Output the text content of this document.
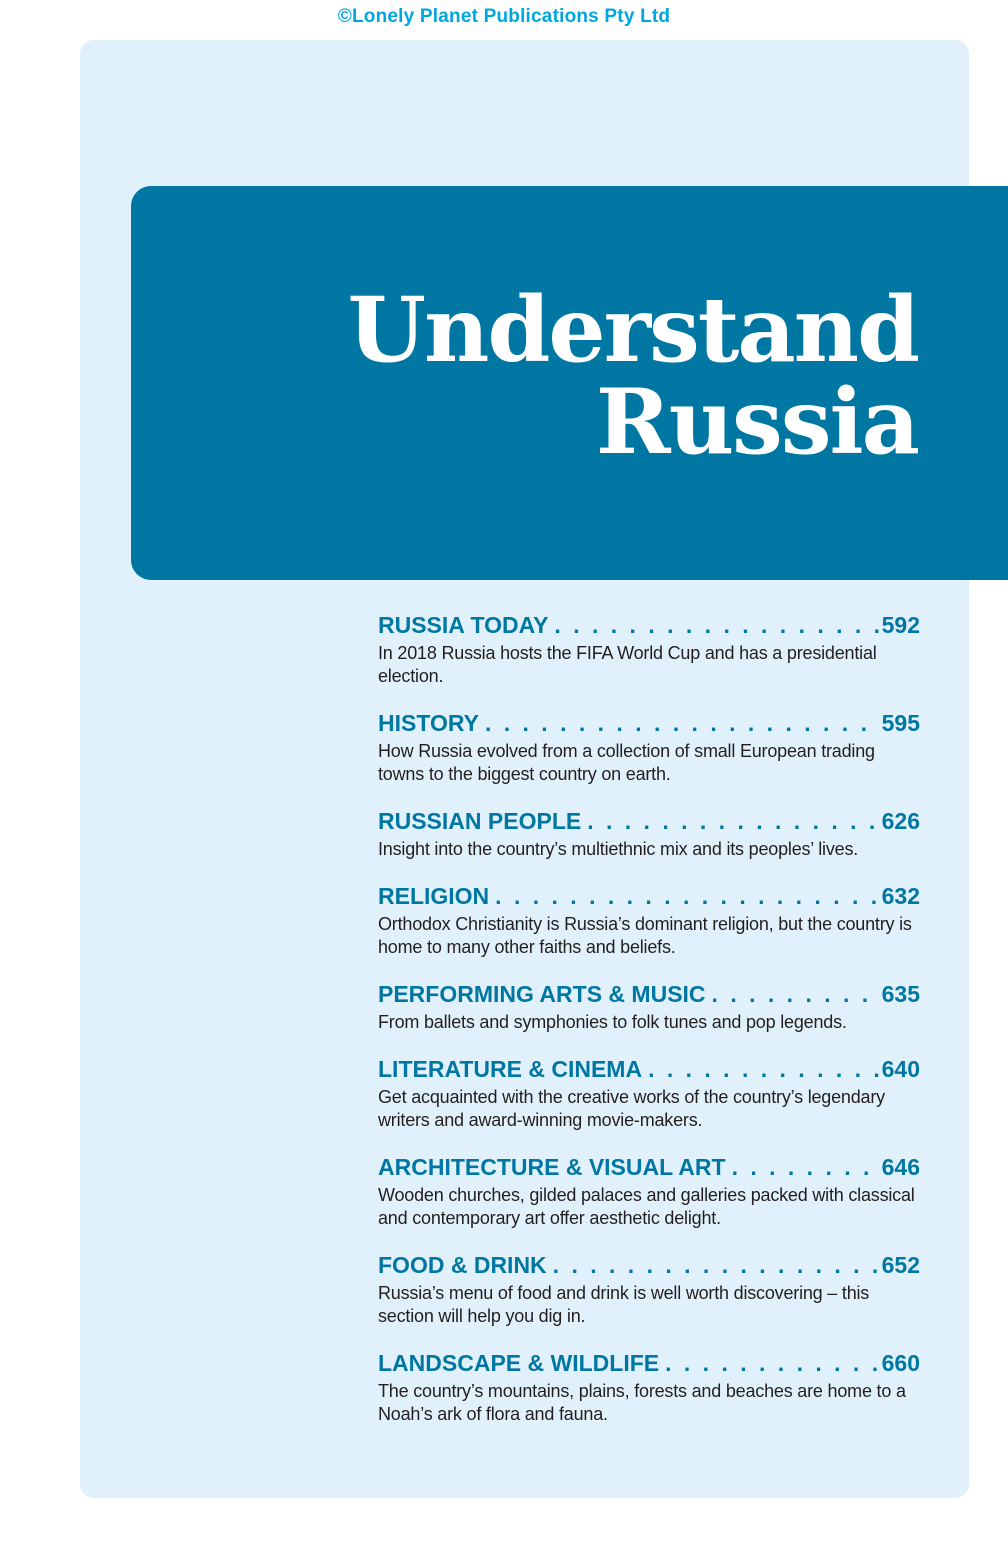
©Lonely Planet Publications Pty Ltd
Understand
Russia
RUSSIA TODAY . . .	592

In 2018 Russia hosts the FIFA World Cup and has a presidential election.

HISTORY . . .	595

How Russia evolved from a collection of small European trading towns to the biggest country on earth.

RUSSIAN PEOPLE . . .	626

Insight into the country’s multiethnic mix and its peoples’ lives.

RELIGION . . .	632

Orthodox Christianity is Russia’s dominant religion, but the country is home to many other faiths and beliefs.

PERFORMING ARTS & MUSIC . . .	635

From ballets and symphonies to folk tunes and pop legends.

LITERATURE & CINEMA . . .	640

Get acquainted with the creative works of the country’s legendary writers and award-winning movie-makers.

ARCHITECTURE & VISUAL ART . . .	646

Wooden churches, gilded palaces and galleries packed with classical and contemporary art offer aesthetic delight.

FOOD & DRINK . . .	652

Russia’s menu of food and drink is well worth discovering – this section will help you dig in.

LANDSCAPE & WILDLIFE . . .	660

The country’s mountains, plains, forests and beaches are home to a Noah’s ark of flora and fauna.
